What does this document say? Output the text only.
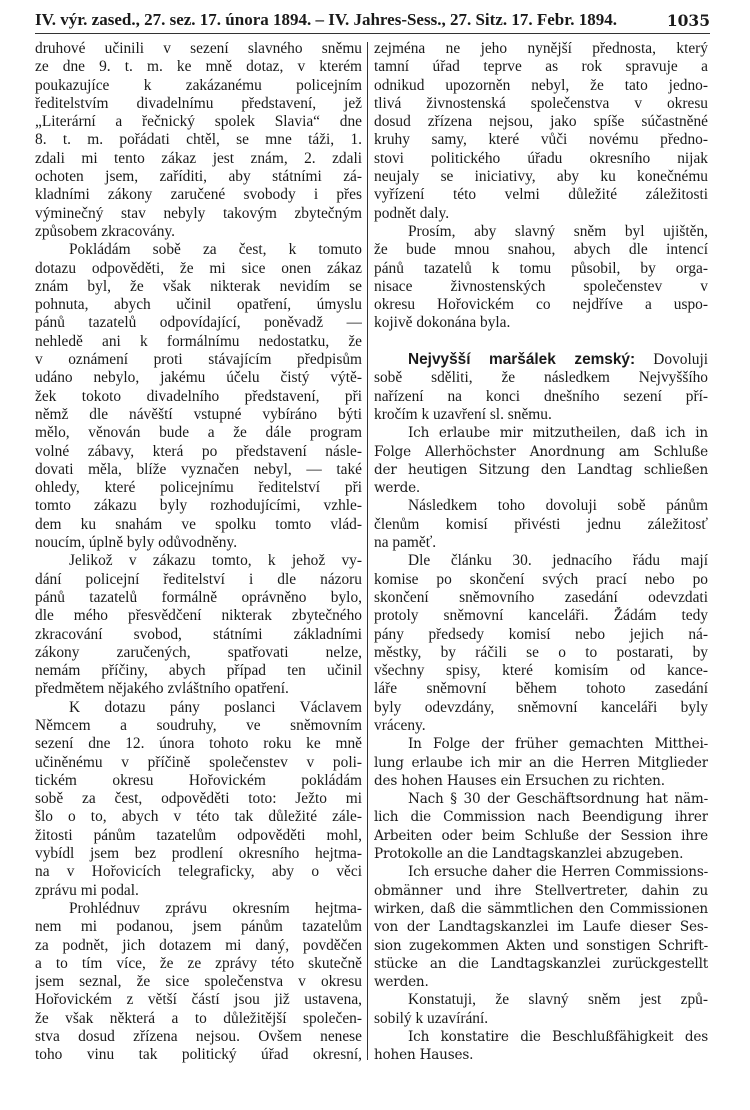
IV. výr. zased., 27. sez. 17. února 1894. – IV. Jahres-Sess., 27. Sitz. 17. Febr. 1894.	1035
druhové učinili v sezení slavného sněmu
ze dne 9. t. m. ke mně dotaz, v kterém
poukazujíce k zakázanému policejním
ředitelstvím divadelnímu představení, jež
„Literární a řečnický spolek Slavia“ dne
8. t. m. pořádati chtěl, se mne táži, 1.
zdali mi tento zákaz jest znám, 2. zdali
ochoten jsem, zaříditi, aby státními zá-
kladními zákony zaručené svobody i přes
výminečný stav nebyly takovým zbytečným
způsobem zkracovány.
Pokládám sobě za čest, k tomuto
dotazu odpověděti, že mi sice onen zákaz
znám byl, že však nikterak nevidím se
pohnuta, abych učinil opatření, úmyslu
pánů tazatelů odpovídající, poněvadž —
nehledě ani k formálnímu nedostatku, že
v oznámení proti stávajícím předpisům
udáno nebylo, jakému účelu čistý výtě-
žek tokoto divadelního představení, při
němž dle návěští vstupné vybíráno býti
mělo, věnován bude a že dále program
volné zábavy, která po představení násle-
dovati měla, blíže vyznačen nebyl, — také
ohledy, které policejnímu ředitelství při
tomto zákazu byly rozhodujícími, vzhle-
dem ku snahám ve spolku tomto vlád-
noucím, úplně byly odůvodněny.
Jelikož v zákazu tomto, k jehož vy-
dání policejní ředitelství i dle názoru
pánů tazatelů formálně oprávněno bylo,
dle mého přesvědčení nikterak zbytečného
zkracování svobod, státními základními
zákony zaručených, spatřovati nelze,
nemám příčiny, abych případ ten učinil
předmětem nějakého zvláštního opatření.
K dotazu pány poslanci Václavem
Němcem a soudruhy, ve sněmovním
sezení dne 12. února tohoto roku ke mně
učiněnému v příčině společenstev v poli-
tickém okresu Hořovickém pokládám
sobě za čest, odpověděti toto: Ježto mi
šlo o to, abych v této tak důležité zále-
žitosti pánům tazatelům odpověděti mohl,
vybídl jsem bez prodlení okresního hejtma-
na v Hořovicích telegraficky, aby o věci
zprávu mi podal.
Prohlédnuv zprávu okresním hejtma-
nem mi podanou, jsem pánům tazatelům
za podnět, jich dotazem mi daný, povděčen
a to tím více, že ze zprávy této skutečně
jsem seznal, že sice společenstva v okresu
Hořovickém z větší částí jsou již ustavena,
že však některá a to důležitější společen-
stva dosud zřízena nejsou. Ovšem nenese
toho vinu tak politický úřad okresní,
zejména ne jeho nynější přednosta, který
tamní úřad teprve as rok spravuje a
odnikud upozorněn nebyl, že tato jedno-
tlivá živnostenská společenstva v okresu
dosud zřízena nejsou, jako spíše súčastněné
kruhy samy, které vůči novému předno-
stovi politického úřadu okresního nijak
neujaly se iniciativy, aby ku konečnému
vyřízení této velmi důležité záležitosti
podnět daly.
Prosím, aby slavný sněm byl ujištěn,
že bude mnou snahou, abych dle intencí
pánů tazatelů k tomu působil, by orga-
nisace živnostenských společenstev v
okresu Hořovickém co nejdříve a uspo-
kojivě dokonána byla.
Nejvyšší maršálek zemský: Dovoluji
sobě sděliti, že následkem Nejvyššího
nařízení na konci dnešního sezení pří-
kročím k uzavření sl. sněmu.
Ich erlaube mir mitzutheilen, daß ich in
Folge Allerhöchster Anordnung am Schluße
der heutigen Sitzung den Landtag schließen
werde.
Následkem toho dovoluji sobě pánům
členům komisí přivésti jednu záležitosť
na paměť.
Dle článku 30. jednacího řádu mají
komise po skončení svých prací nebo po
skončení sněmovního zasedání odevzdati
protoly sněmovní kanceláři. Žádám tedy
pány předsedy komisí nebo jejich ná-
městky, by ráčili se o to postarati, by
všechny spisy, které komisím od kance-
láře sněmovní během tohoto zasedání
byly odevzdány, sněmovní kanceláři byly
vráceny.
In Folge der früher gemachten Mitthei-
lung erlaube ich mir an die Herren Mitglieder
des hohen Hauses ein Ersuchen zu richten.
Nach § 30 der Geschäftsordnung hat näm-
lich die Commission nach Beendigung ihrer
Arbeiten oder beim Schluße der Session ihre
Protokolle an die Landtagskanzlei abzugeben.
Ich ersuche daher die Herren Commissions-
obmänner und ihre Stellvertreter, dahin zu
wirken, daß die sämmtlichen den Commissionen
von der Landtagskanzlei im Laufe dieser Ses-
sion zugekommen Akten und sonstigen Schrift-
stücke an die Landtagskanzlei zurückgestellt
werden.
Konstatuji, že slavný sněm jest způ-
sobilý k uzavírání.
Ich konstatire die Beschlußfähigkeit des
hohen Hauses.
